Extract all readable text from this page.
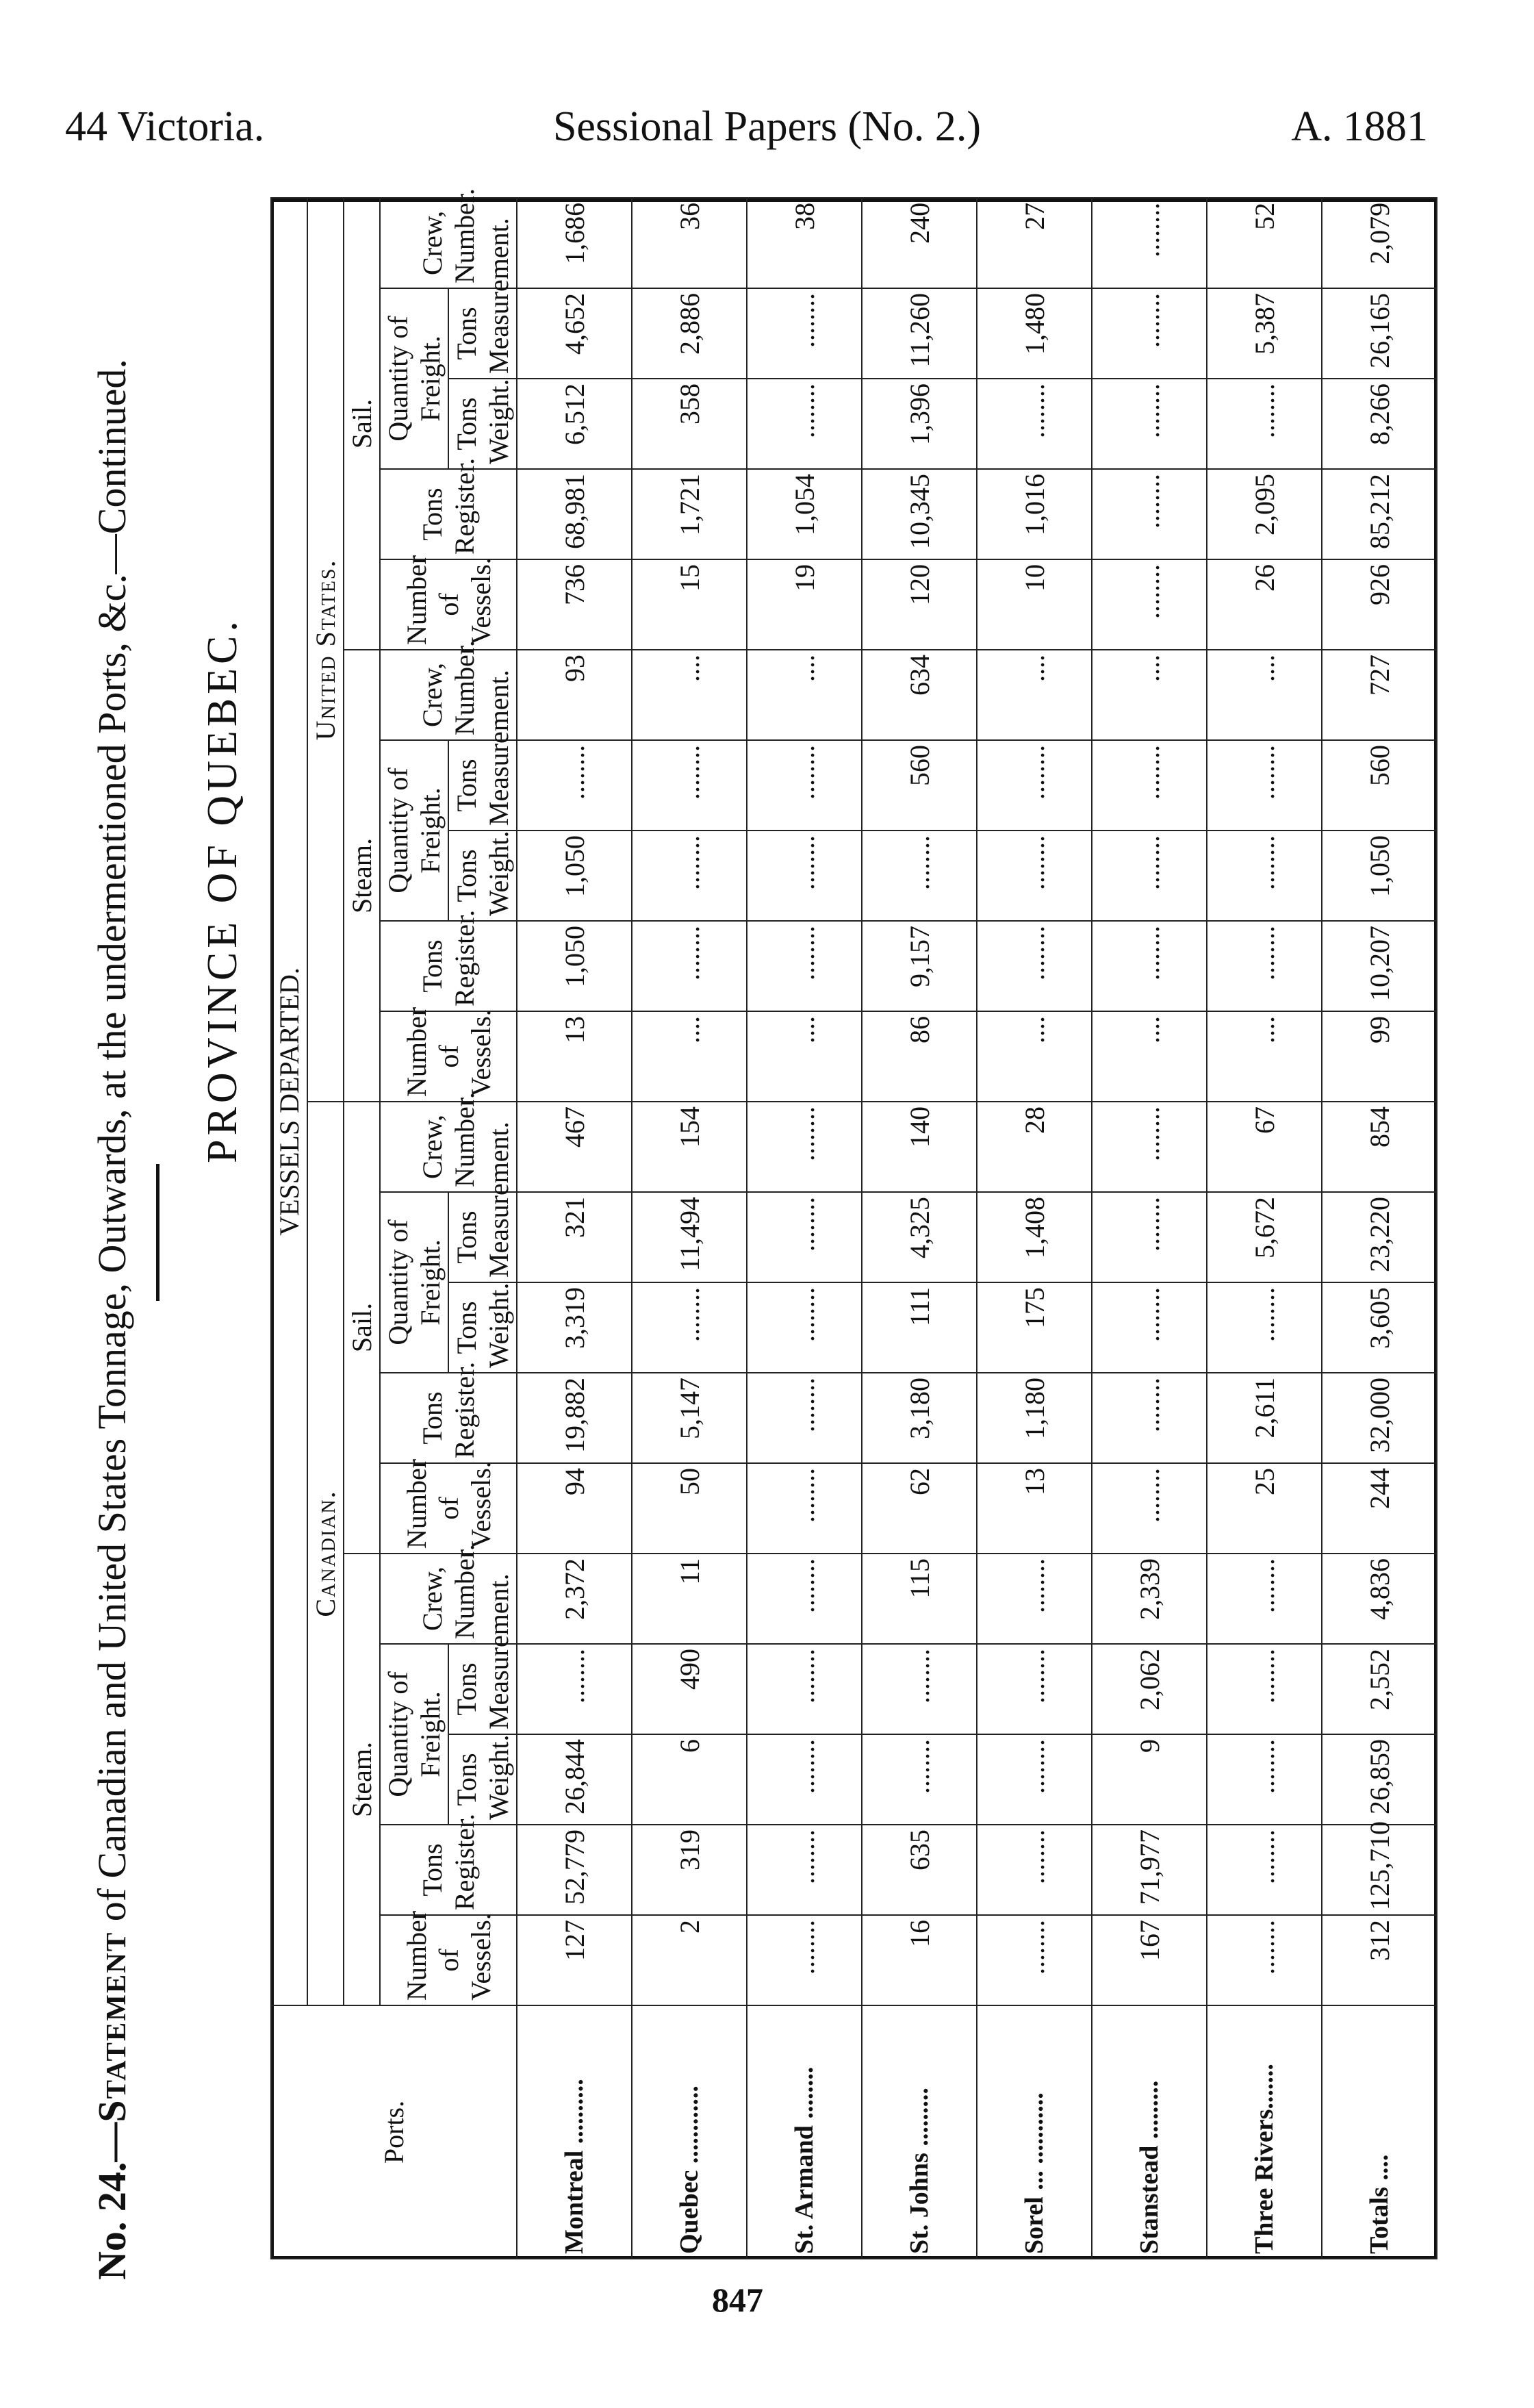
44 Victoria.	Sessional Papers (No. 2.)	A. 1881
No. 24.—Statement of Canadian and United States Tonnage, Outwards, at the undermentioned Ports, &c.—Continued. PROVINCE OF QUEBEC.
Ports.	VESSELS DEPARTED.																			
	Canadian.										United States.									
	Steam.					Sail.					Steam.					Sail.				
	Number of Vessels.	Tons Register.	Quantity of Freight.		Crew, Number.	Number of Vessels.	Tons Register.	Quantity of Freight.		Crew, Number.	Number of Vessels.	Tons Register.	Quantity of Freight.		Crew, Number.	Number of Vessels.	Tons Register.	Quantity of Freight.		Crew, Number.
			Tons Weight.	Tons Measurement.				Tons Weight.	Tons Measurement.				Tons Weight.	Tons Measurement.				Tons Weight.	Tons Measurement.	
Montreal ..........	127	52,779	26,844	........	2,372	94	19,882	3,319	321	467	13	1,050	1,050	........	93	736	68,981	6,512	4,652	1,686
Quebec ............	2	319	6	490	11	50	5,147	........	11,494	154	....	........	........	........	....	15	1,721	358	2,886	36
St. Armand ........	........	........	........	........	........	........	........	........	........	........	....	........	........	........	....	19	1,054	........	........	38
St. Johns .........	16	635	........	........	115	62	3,180	111	4,325	140	86	9,157	........	560	634	120	10,345	1,396	11,260	240
Sorel ... ...........	........	........	........	........	........	13	1,180	175	1,408	28	....	........	........	........	....	10	1,016	........	1,480	27
Stanstead .........	167	71,977	9	2,062	2,339	........	........	........	........	........	....	........	........	........	....	........	........	........	........	........
Three Rivers.......	........	........	........	........	........	25	2,611	........	5,672	67	....	........	........	........	....	26	2,095	........	5,387	52
Totals ....	312	125,710	26,859	2,552	4,836	244	32,000	3,605	23,220	854	99	10,207	1,050	560	727	926	85,212	8,266	26,165	2,079
847
